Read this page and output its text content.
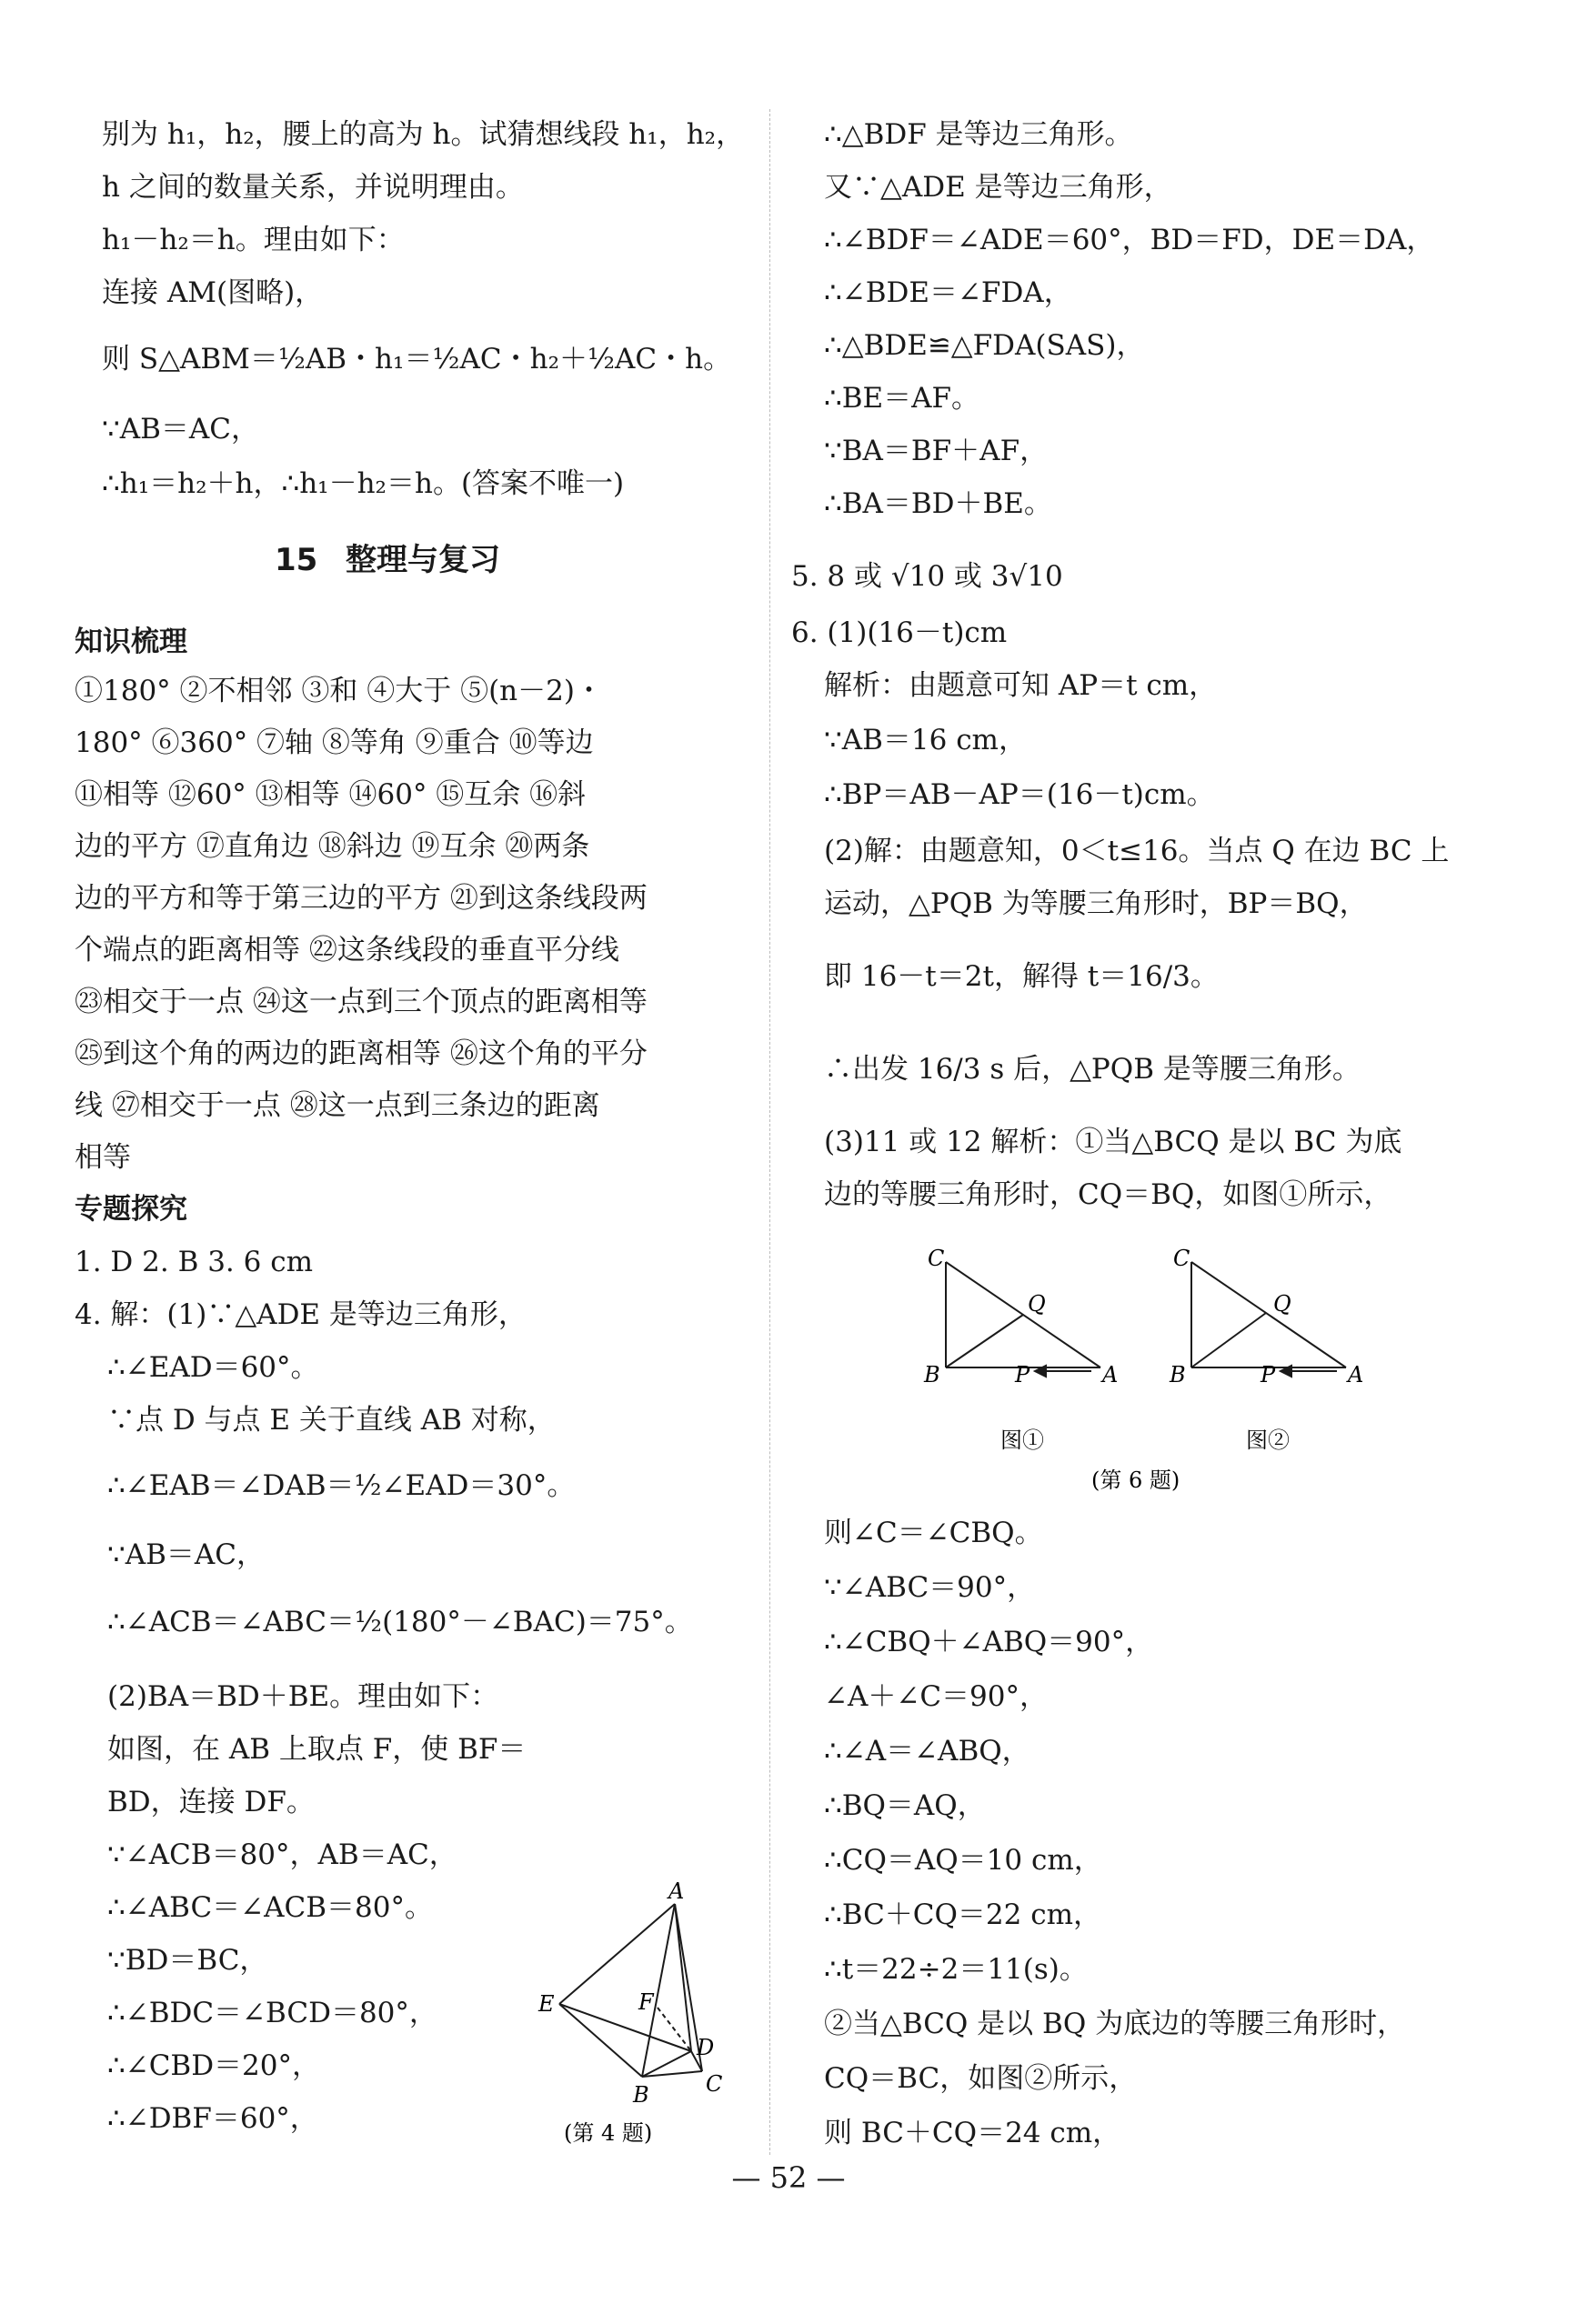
别为 h₁，h₂，腰上的高为 h。试猜想线段 h₁，h₂，
h 之间的数量关系，并说明理由。
h₁－h₂＝h。理由如下：
连接 AM(图略)，
则 S△ABM＝½AB・h₁＝½AC・h₂＋½AC・h。
∵AB＝AC，
∴h₁＝h₂＋h，∴h₁－h₂＝h。(答案不唯一)
15 整理与复习
知识梳理
①180° ②不相邻 ③和 ④大于 ⑤(n－2)・
180° ⑥360° ⑦轴 ⑧等角 ⑨重合 ⑩等边
⑪相等 ⑫60° ⑬相等 ⑭60° ⑮互余 ⑯斜
边的平方 ⑰直角边 ⑱斜边 ⑲互余 ⑳两条
边的平方和等于第三边的平方 ㉑到这条线段两
个端点的距离相等 ㉒这条线段的垂直平分线
㉓相交于一点 ㉔这一点到三个顶点的距离相等
㉕到这个角的两边的距离相等 ㉖这个角的平分
线 ㉗相交于一点 ㉘这一点到三条边的距离
相等
专题探究
1. D 2. B 3. 6 cm
4. 解：(1)∵△ADE 是等边三角形，
∴∠EAD＝60°。
∵点 D 与点 E 关于直线 AB 对称，
∴∠EAB＝∠DAB＝½∠EAD＝30°。
∵AB＝AC，
∴∠ACB＝∠ABC＝½(180°－∠BAC)＝75°。
(2)BA＝BD＋BE。理由如下：
如图，在 AB 上取点 F，使 BF＝
BD，连接 DF。
∵∠ACB＝80°，AB＝AC，
∴∠ABC＝∠ACB＝80°。
∵BD＝BC，
∴∠BDC＝∠BCD＝80°，
∴∠CBD＝20°，
∴∠DBF＝60°，
A
E	F
D
B	C
(第 4 题)
∴△BDF 是等边三角形。
又∵△ADE 是等边三角形，
∴∠BDF＝∠ADE＝60°，BD＝FD，DE＝DA，
∴∠BDE＝∠FDA，
∴△BDE≌△FDA(SAS)，
∴BE＝AF。
∵BA＝BF＋AF，
∴BA＝BD＋BE。
5. 8 或 √10 或 3√10
6. (1)(16－t)cm
解析：由题意可知 AP＝t cm，
∵AB＝16 cm，
∴BP＝AB－AP＝(16－t)cm。
(2)解：由题意知，0＜t≤16。当点 Q 在边 BC 上
运动，△PQB 为等腰三角形时，BP＝BQ，
即 16－t＝2t，解得 t＝16/3。
∴出发 16/3 s 后，△PQB 是等腰三角形。
(3)11 或 12 解析：①当△BCQ 是以 BC 为底
边的等腰三角形时，CQ＝BQ，如图①所示，
C
Q
B	P	A
C
Q
B	P	A
图①	图②
(第 6 题)
则∠C＝∠CBQ。
∵∠ABC＝90°，
∴∠CBQ＋∠ABQ＝90°，
∠A＋∠C＝90°，
∴∠A＝∠ABQ，
∴BQ＝AQ，
∴CQ＝AQ＝10 cm，
∴BC＋CQ＝22 cm，
∴t＝22÷2＝11(s)。
②当△BCQ 是以 BQ 为底边的等腰三角形时，
CQ＝BC，如图②所示，
则 BC＋CQ＝24 cm，
— 52 —
